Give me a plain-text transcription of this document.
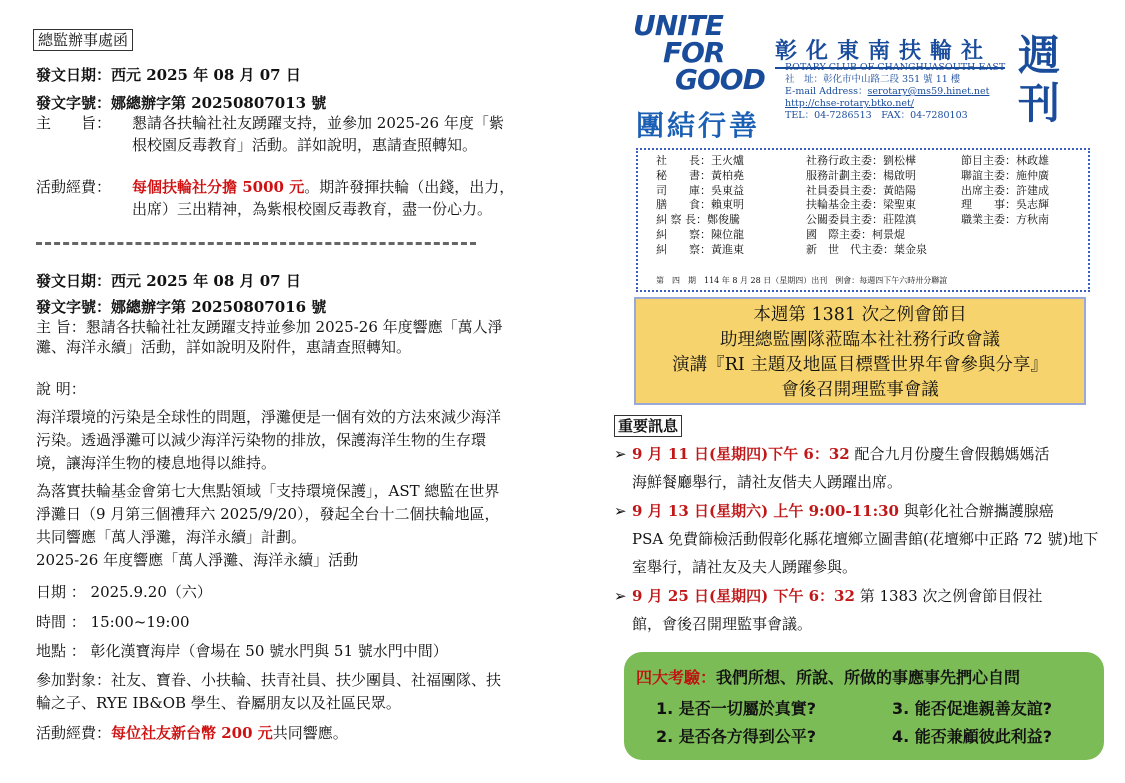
總監辦事處函
發文日期：西元 2025 年 08 月 07 日
發文字號：娜總辦字第 20250807013 號
主　　旨：	懇請各扶輪社社友踴躍支持，並參加 2025-26 年度「紫根校園反毒教育」活動。詳如說明，惠請查照轉知。
活動經費：	每個扶輪社分擔 5000 元。期許發揮扶輪（出錢，出力，出席）三出精神，為紫根校園反毒教育，盡一份心力。
發文日期：西元 2025 年 08 月 07 日
發文字號：娜總辦字第 20250807016 號
主 旨：懇請各扶輪社社友踴躍支持並參加 2025-26 年度響應「萬人淨灘、海洋永續」活動，詳如說明及附件，惠請查照轉知。
說 明：
海洋環境的污染是全球性的問題，淨灘便是一個有效的方法來減少海洋污染。透過淨灘可以減少海洋污染物的排放，保護海洋生物的生存環境，讓海洋生物的棲息地得以維持。
為落實扶輪基金會第七大焦點領域「支持環境保護」，AST 總監在世界淨灘日（9 月第三個禮拜六 2025/9/20），發起全台十二個扶輪地區，共同響應「萬人淨灘，海洋永續」計劃。
2025-26 年度響應「萬人淨灘、海洋永續」活動
日期 ： 2025.9.20（六）
時間 ： 15:00~19:00
地點 ： 彰化漢寶海岸（會場在 50 號水門與 51 號水門中間）
參加對象：社友、寶眷、小扶輪、扶青社員、扶少團員、社福團隊、扶輪之子、RYE IB&OB 學生、眷屬朋友以及社區民眾。
活動經費：每位社友新台幣 200 元共同響應。
UNITE
FOR
GOOD
團結行善
彰化東南扶輪社
ROTARY CLUB OF CHANGHUASOUTH-EAST
社　址：彰化市中山路二段 351 號 11 樓
E-mail Address：serotary@ms59.hinet.net
http://chse-rotary.btko.net/
TEL：04-7286513　FAX：04-7280103
週
刊
社　　長：王火爐	社務行政主委：劉松樺	節目主委：林政雄
秘　　書：黃柏堯	服務計劃主委：楊啟明	聯誼主委：施仲廣
司　　庫：吳東益	社員委員主委：黃皓陽	出席主委：許建成
膳　　食：賴東明	扶輪基金主委：梁聖東	理　　事：吳志輝
糾 察 長：鄭俊騰	公關委員主委：莊陞滇	職業主委：方秋南
糾　　察：陳位龍	國　際主委：柯景焜
糾　　察：黃進東	新　世　代主委：葉金泉
第　四　期　114 年 8 月 28 日（星期四）出刊　例會：每週四下午六時卅分聯誼
本週第 1381 次之例會節目
助理總監團隊蒞臨本社社務行政會議
演講『RI 主題及地區目標暨世界年會參與分享』
會後召開理監事會議
重要訊息
➢ 9 月 11 日(星期四)下午 6：32 配合九月份慶生會假鵝媽媽活
海鮮餐廳舉行，請社友偕夫人踴躍出席。
➢ 9 月 13 日(星期六) 上午 9:00-11:30 與彰化社合辦攜護腺癌
PSA 免費篩檢活動假彰化縣花壇鄉立圖書館(花壇鄉中正路 72 號)地下室舉行，請社友及夫人踴躍參與。
➢ 9 月 25 日(星期四) 下午 6：32 第 1383 次之例會節目假社
館，會後召開理監事會議。
四大考驗：我們所想、所說、所做的事應事先捫心自問
1. 是否一切屬於真實?	3. 能否促進親善友誼?
2. 是否各方得到公平?	4. 能否兼顧彼此利益?
